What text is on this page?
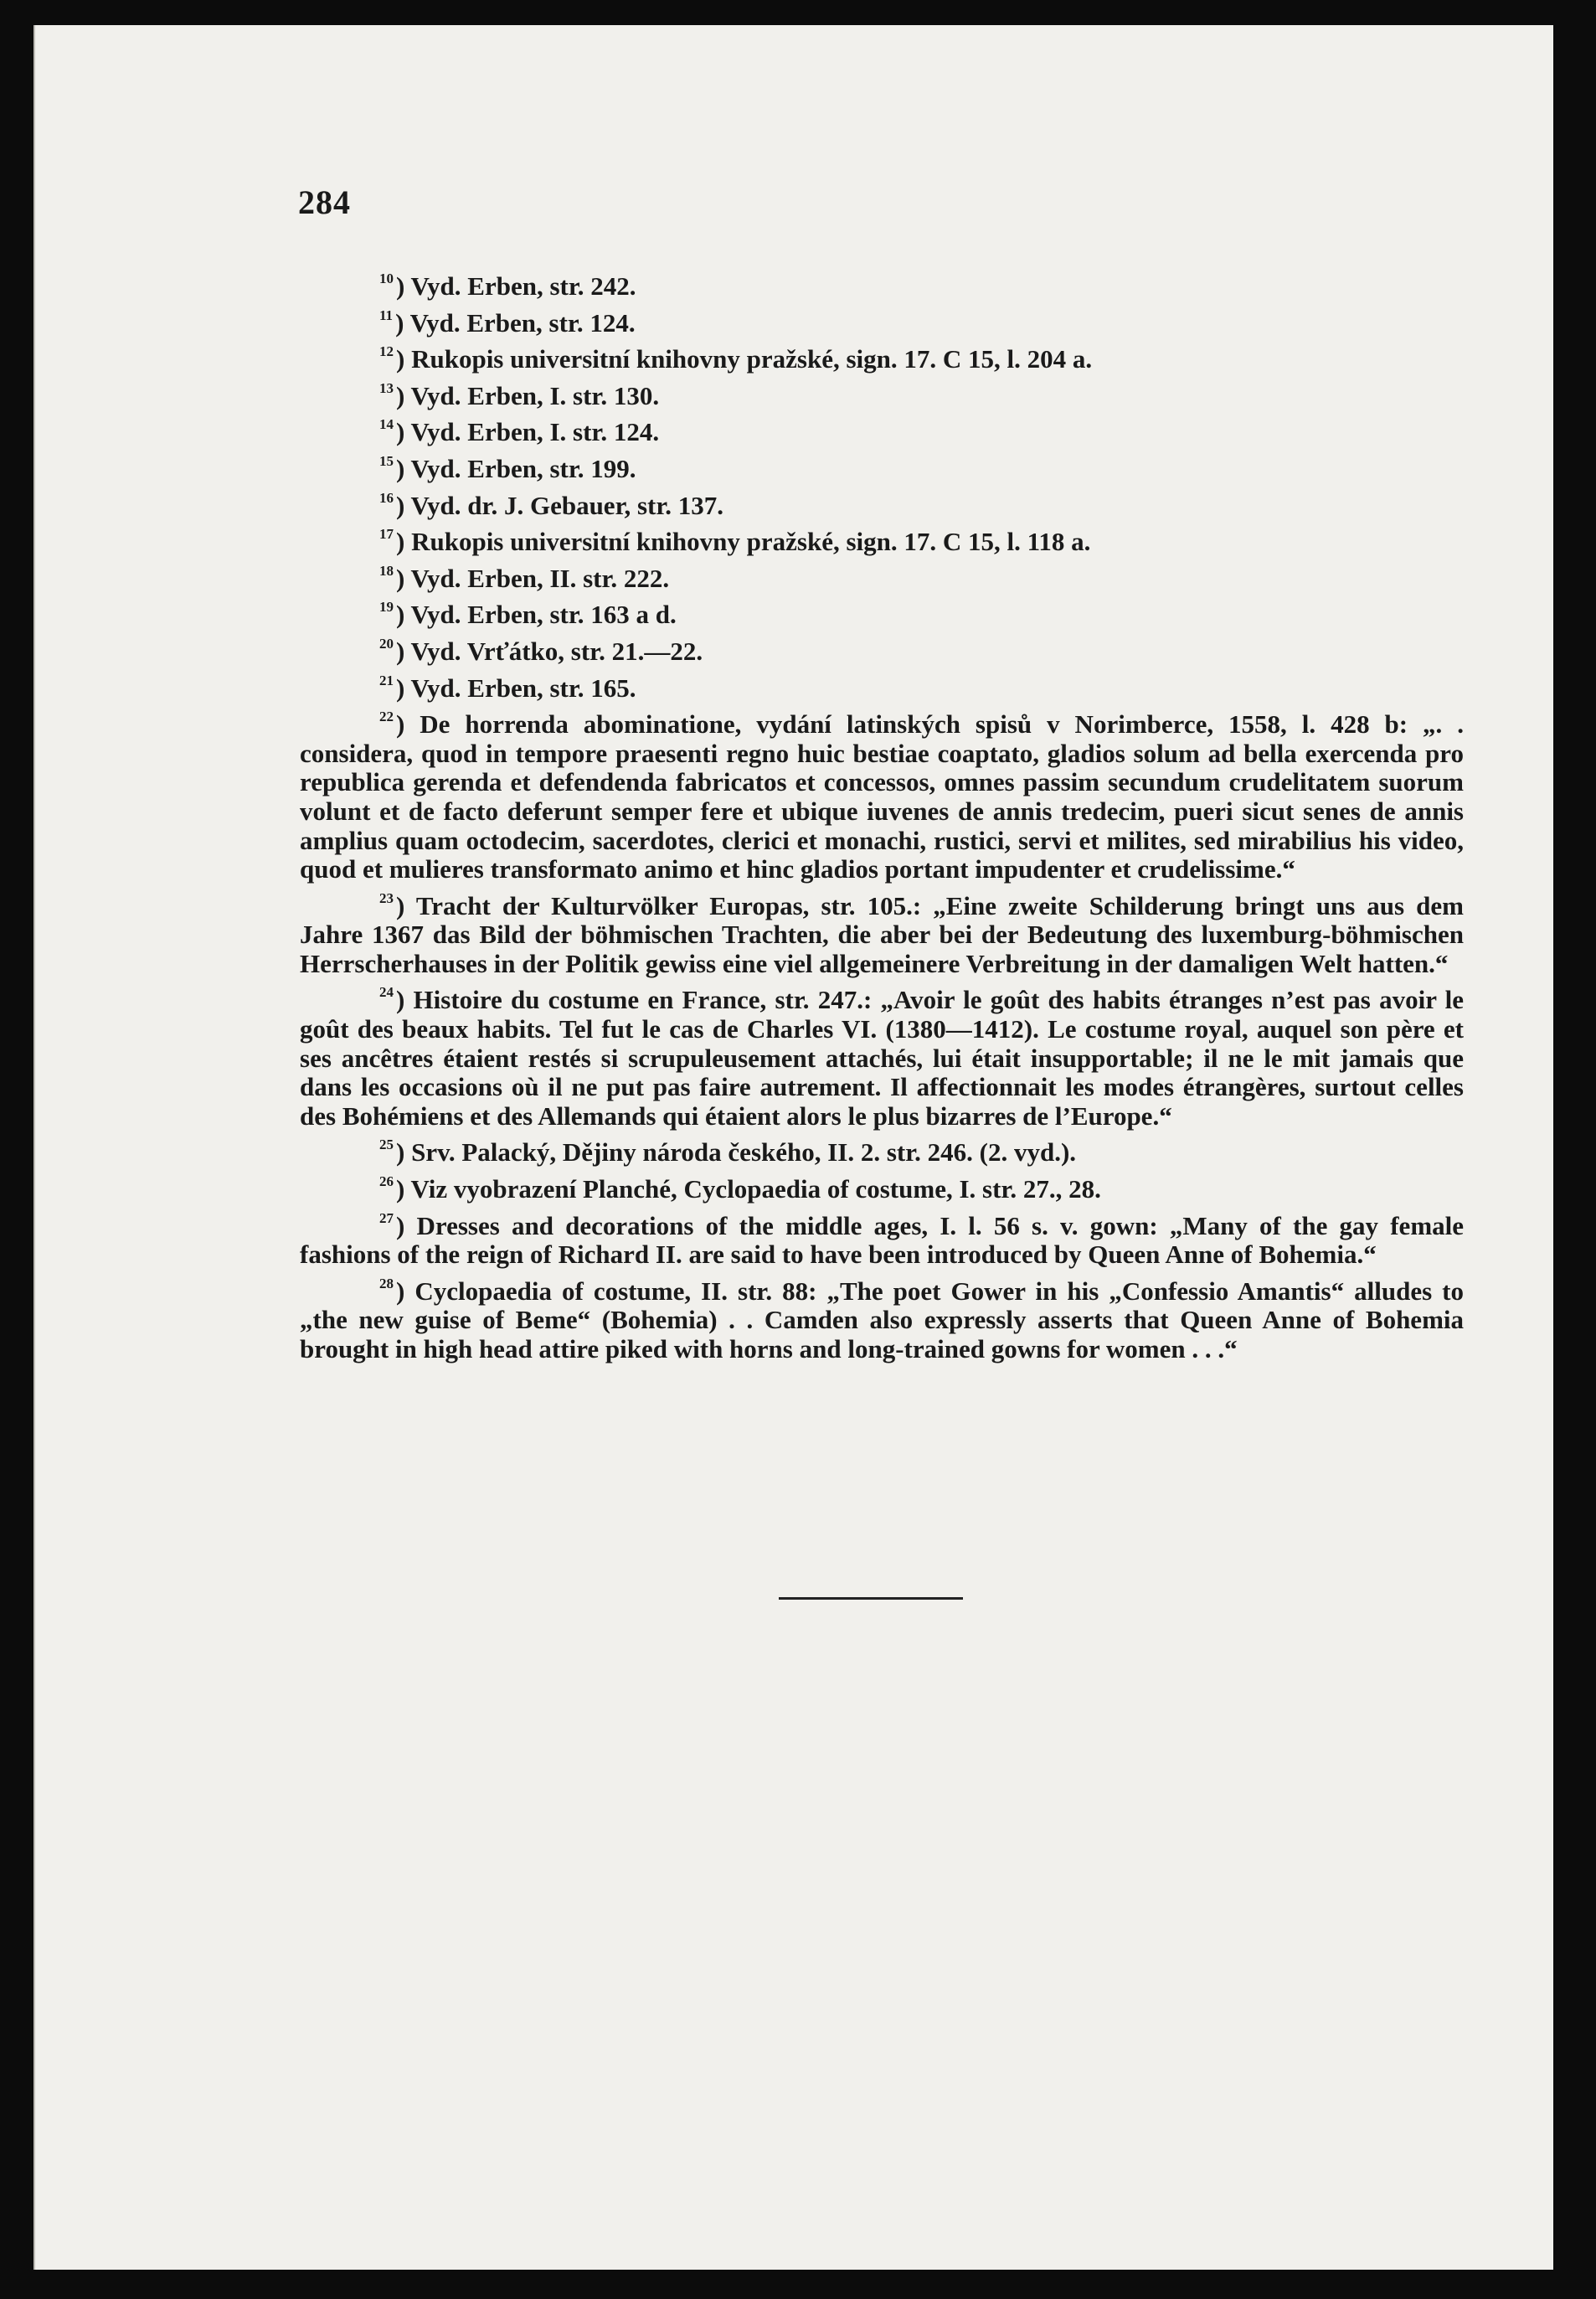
284

$^{10}$) Vyd. Erben, str. 242.

$^{11}$) Vyd. Erben, str. 124.

$^{12}$) Rukopis universitní knihovny pražské, sign. 17. C 15, l. 204 a.

$^{13}$) Vyd. Erben, I. str. 130.

$^{14}$) Vyd. Erben, I. str. 124.

$^{15}$) Vyd. Erben, str. 199.

$^{16}$) Vyd. dr. J. Gebauer, str. 137.

$^{17}$) Rukopis universitní knihovny pražské, sign. 17. C 15, l. 118 a.

$^{18}$) Vyd. Erben, II. str. 222.

$^{19}$) Vyd. Erben, str. 163 a d.

$^{20}$) Vyd. Vrťátko, str. 21.—22.

$^{21}$) Vyd. Erben, str. 165.

$^{22}$) De horrenda abominatione, vydání latinských spisů v Norimberce, 1558, l. 428 b: „. . considera, quod in tempore praesenti regno huic bestiae coaptato, gladios solum ad bella exercenda pro republica gerenda et defendenda fabricatos et concessos, omnes passim secundum crudelitatem suorum volunt et de facto deferunt semper fere et ubique iuvenes de annis tredecim, pueri sicut senes de annis amplius quam octodecim, sacerdotes, clerici et monachi, rustici, servi et milites, sed mirabilius his video, quod et mulieres transformato animo et hinc gladios portant impudenter et crudelissime.“

$^{23}$) Tracht der Kulturvölker Europas, str. 105.: „Eine zweite Schilderung bringt uns aus dem Jahre 1367 das Bild der böhmischen Trachten, die aber bei der Bedeutung des luxemburg-böhmischen Herrscherhauses in der Politik gewiss eine viel allgemeinere Verbreitung in der damaligen Welt hatten.“

$^{24}$) Histoire du costume en France, str. 247.: „Avoir le goût des habits étranges n’est pas avoir le goût des beaux habits. Tel fut le cas de Charles VI. (1380—1412). Le costume royal, auquel son père et ses ancêtres étaient restés si scrupuleusement attachés, lui était insupportable; il ne le mit jamais que dans les occasions où il ne put pas faire autrement. Il affectionnait les modes étrangères, surtout celles des Bohémiens et des Allemands qui étaient alors le plus bizarres de l’Europe.“

$^{25}$) Srv. Palacký, Dějiny národa českého, II. 2. str. 246. (2. vyd.).

$^{26}$) Viz vyobrazení Planché, Cyclopaedia of costume, I. str. 27., 28.

$^{27}$) Dresses and decorations of the middle ages, I. l. 56 s. v. gown: „Many of the gay female fashions of the reign of Richard II. are said to have been introduced by Queen Anne of Bohemia.“

$^{28}$) Cyclopaedia of costume, II. str. 88: „The poet Gower in his „Confessio Amantis“ alludes to „the new guise of Beme“ (Bohemia) . . Camden also expressly asserts that Queen Anne of Bohemia brought in high head attire piked with horns and long-trained gowns for women . . .“
